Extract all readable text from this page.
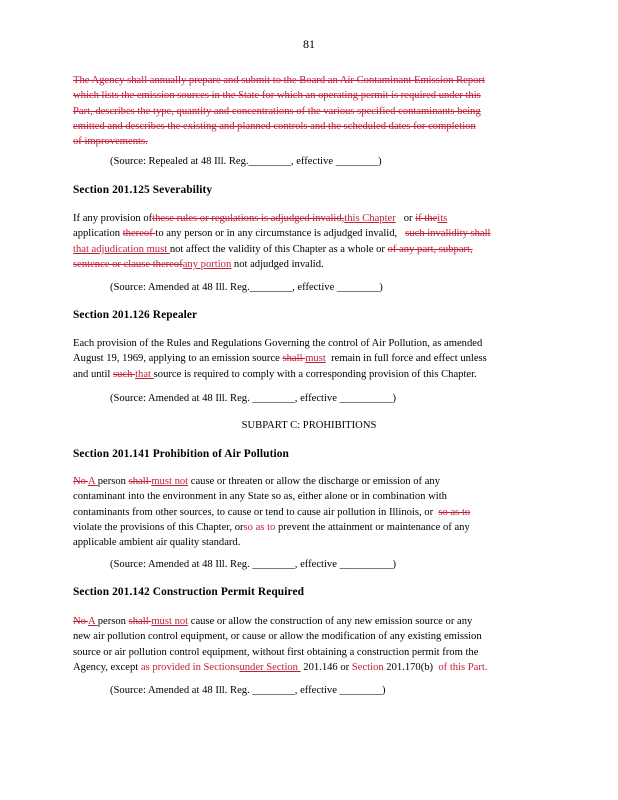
81
The Agency shall annually prepare and submit to the Board an Air Contaminant Emission Report
which lists the emission sources in the State for which an operating permit is required under this
Part, describes the type, quantity and concentrations of the various specified contaminants being
emitted and describes the existing and planned controls and the scheduled dates for completion
of improvements.
(Source: Repealed at 48 Ill. Reg.________, effective ________)
Section 201.125 Severability
If any provision ofthese rules or regulations is adjudged invalid,this Chapter   or if theits
application thereof to any person or in any circumstance is adjudged invalid,   such invalidity shall
that adjudication must not affect the validity of this Chapter as a whole or of any part, subpart,
sentence or clause thereofany portion not adjudged invalid.
(Source: Amended at 48 Ill. Reg.________, effective ________)
Section 201.126 Repealer
Each provision of the Rules and Regulations Governing the control of Air Pollution, as amended
August 19, 1969, applying to an emission source shall must  remain in full force and effect unless
and until such that source is required to comply with a corresponding provision of this Chapter.
(Source: Amended at 48 Ill. Reg. ________, effective __________)
SUBPART C: PROHIBITIONS
Section 201.141 Prohibition of Air Pollution
No A person shall must not cause or threaten or allow the discharge or emission of any
contaminant into the environment in any State so as, either alone or in combination with
contaminants from other sources, to cause or tend to cause air pollution in Illinois, or  so as to
violate the provisions of this Chapter, orso as to prevent the attainment or maintenance of any
applicable ambient air quality standard.
(Source: Amended at 48 Ill. Reg. ________, effective __________)
Section 201.142 Construction Permit Required
No A person shall must not cause or allow the construction of any new emission source or any
new air pollution control equipment, or cause or allow the modification of any existing emission
source or air pollution control equipment, without first obtaining a construction permit from the
Agency, except as provided in Sectionsunder Section  201.146 or Section 201.170(b)  of this Part.
(Source: Amended at 48 Ill. Reg. ________, effective ________)
